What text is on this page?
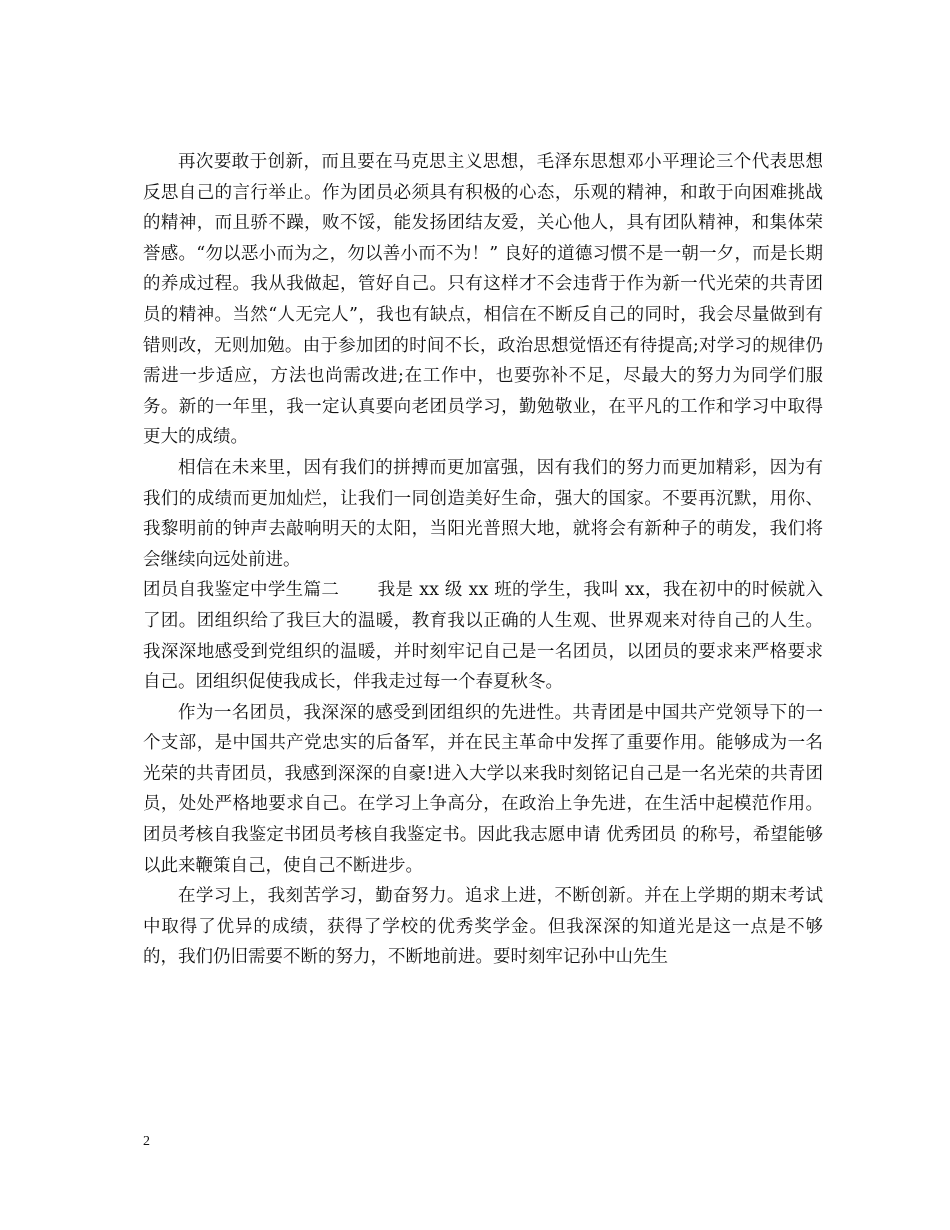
再次要敢于创新，而且要在马克思主义思想，毛泽东思想邓小平理论三个代表思想反思自己的言行举止。作为团员必须具有积极的心态，乐观的精神，和敢于向困难挑战的精神，而且骄不躁，败不馁，能发扬团结友爱，关心他人，具有团队精神，和集体荣誉感。“勿以恶小而为之，勿以善小而不为！” 良好的道德习惯不是一朝一夕，而是长期的养成过程。我从我做起，管好自己。只有这样才不会违背于作为新一代光荣的共青团员的精神。当然“人无完人”，我也有缺点，相信在不断反自己的同时，我会尽量做到有错则改，无则加勉。由于参加团的时间不长，政治思想觉悟还有待提高;对学习的规律仍需进一步适应，方法也尚需改进;在工作中，也要弥补不足，尽最大的努力为同学们服务。新的一年里，我一定认真要向老团员学习，勤勉敬业，在平凡的工作和学习中取得更大的成绩。

相信在未来里，因有我们的拼搏而更加富强，因有我们的努力而更加精彩，因为有我们的成绩而更加灿烂，让我们一同创造美好生命，强大的国家。不要再沉默，用你、我黎明前的钟声去敲响明天的太阳，当阳光普照大地，就将会有新种子的萌发，我们将会继续向远处前进。

团员自我鉴定中学生篇二 我是 xx 级 xx 班的学生，我叫 xx，我在初中的时候就入了团。团组织给了我巨大的温暖，教育我以正确的人生观、世界观来对待自己的人生。我深深地感受到党组织的温暖，并时刻牢记自己是一名团员，以团员的要求来严格要求自己。团组织促使我成长，伴我走过每一个春夏秋冬。

作为一名团员，我深深的感受到团组织的先进性。共青团是中国共产党领导下的一个支部，是中国共产党忠实的后备军，并在民主革命中发挥了重要作用。能够成为一名光荣的共青团员，我感到深深的自豪!进入大学以来我时刻铭记自己是一名光荣的共青团员，处处严格地要求自己。在学习上争高分，在政治上争先进，在生活中起模范作用。团员考核自我鉴定书团员考核自我鉴定书。因此我志愿申请 优秀团员 的称号，希望能够以此来鞭策自己，使自己不断进步。

在学习上，我刻苦学习，勤奋努力。追求上进，不断创新。并在上学期的期末考试中取得了优异的成绩，获得了学校的优秀奖学金。但我深深的知道光是这一点是不够的，我们仍旧需要不断的努力，不断地前进。要时刻牢记孙中山先生

2
